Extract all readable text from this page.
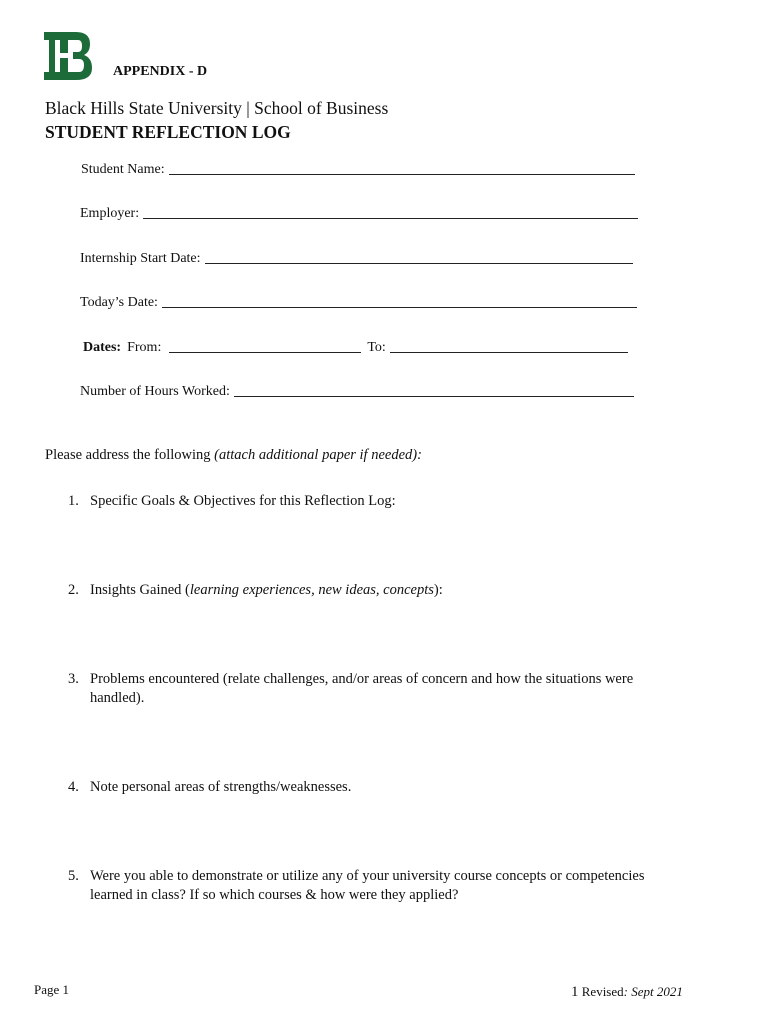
APPENDIX - D
Black Hills State University | School of Business
STUDENT REFLECTION LOG
Student Name:
Employer:
Internship Start Date:
Today’s Date:
Dates: From:	To:
Number of Hours Worked:
Please address the following (attach additional paper if needed):
1. Specific Goals & Objectives for this Reflection Log:
2. Insights Gained (learning experiences, new ideas, concepts):
3. Problems encountered (relate challenges, and/or areas of concern and how the situations were
handled).
4. Note personal areas of strengths/weaknesses.
5. Were you able to demonstrate or utilize any of your university course concepts or competencies
learned in class? If so which courses & how were they applied?
Page 1	1 Revised: Sept 2021
